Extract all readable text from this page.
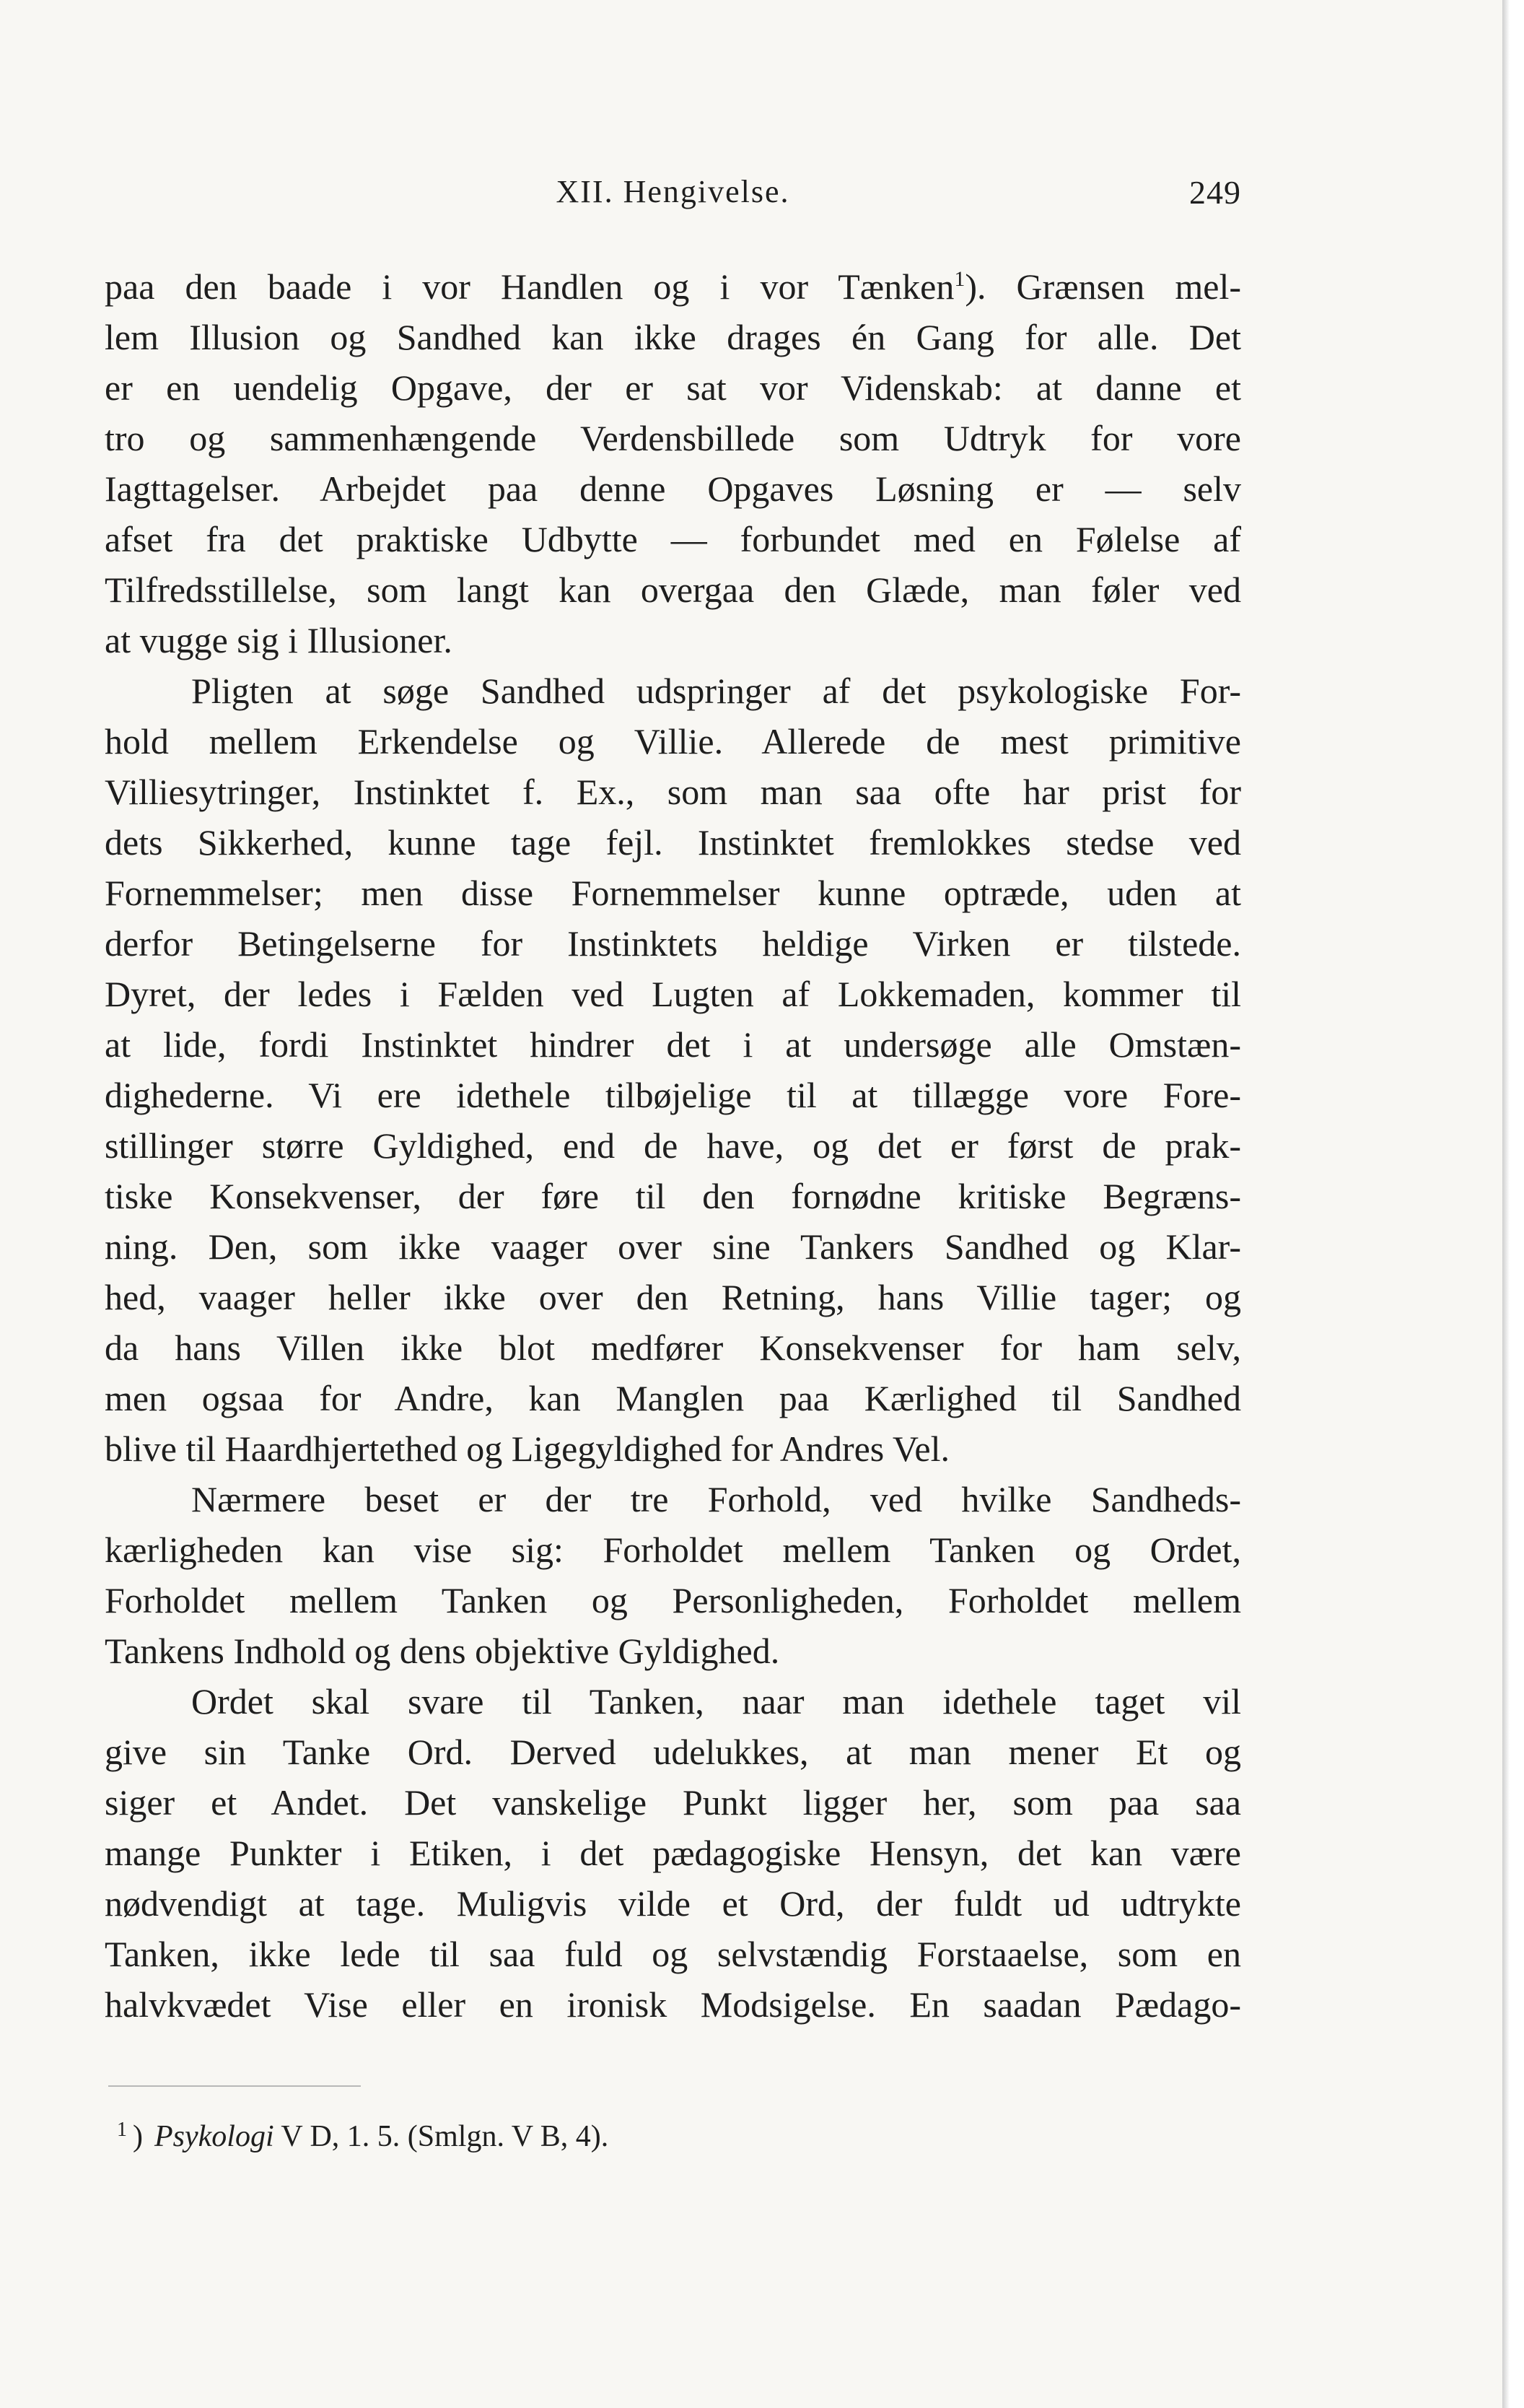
XII. Hengivelse.	249
paa den baade i vor Handlen og i vor Tænken$^1$). Grænsen mel-
lem Illusion og Sandhed kan ikke drages én Gang for alle. Det
er en uendelig Opgave, der er sat vor Videnskab: at danne et
tro og sammenhængende Verdensbillede som Udtryk for vore
Iagttagelser. Arbejdet paa denne Opgaves Løsning er — selv
afset fra det praktiske Udbytte — forbundet med en Følelse af
Tilfredsstillelse, som langt kan overgaa den Glæde, man føler ved
at vugge sig i Illusioner.
Pligten at søge Sandhed udspringer af det psykologiske For-
hold mellem Erkendelse og Villie. Allerede de mest primitive
Villiesytringer, Instinktet f. Ex., som man saa ofte har prist for
dets Sikkerhed, kunne tage fejl. Instinktet fremlokkes stedse ved
Fornemmelser; men disse Fornemmelser kunne optræde, uden at
derfor Betingelserne for Instinktets heldige Virken er tilstede.
Dyret, der ledes i Fælden ved Lugten af Lokkemaden, kommer til
at lide, fordi Instinktet hindrer det i at undersøge alle Omstæn-
dighederne. Vi ere idethele tilbøjelige til at tillægge vore Fore-
stillinger større Gyldighed, end de have, og det er først de prak-
tiske Konsekvenser, der føre til den fornødne kritiske Begræns-
ning. Den, som ikke vaager over sine Tankers Sandhed og Klar-
hed, vaager heller ikke over den Retning, hans Villie tager; og
da hans Villen ikke blot medfører Konsekvenser for ham selv,
men ogsaa for Andre, kan Manglen paa Kærlighed til Sandhed
blive til Haardhjertethed og Ligegyldighed for Andres Vel.
Nærmere beset er der tre Forhold, ved hvilke Sandheds-
kærligheden kan vise sig: Forholdet mellem Tanken og Ordet,
Forholdet mellem Tanken og Personligheden, Forholdet mellem
Tankens Indhold og dens objektive Gyldighed.
Ordet skal svare til Tanken, naar man idethele taget vil
give sin Tanke Ord. Derved udelukkes, at man mener Et og
siger et Andet. Det vanskelige Punkt ligger her, som paa saa
mange Punkter i Etiken, i det pædagogiske Hensyn, det kan være
nødvendigt at tage. Muligvis vilde et Ord, der fuldt ud udtrykte
Tanken, ikke lede til saa fuld og selvstændig Forstaaelse, som en
halvkvædet Vise eller en ironisk Modsigelse. En saadan Pædago-
$^1$ ) Psykologi V D, 1. 5. (Smlgn. V B, 4).
